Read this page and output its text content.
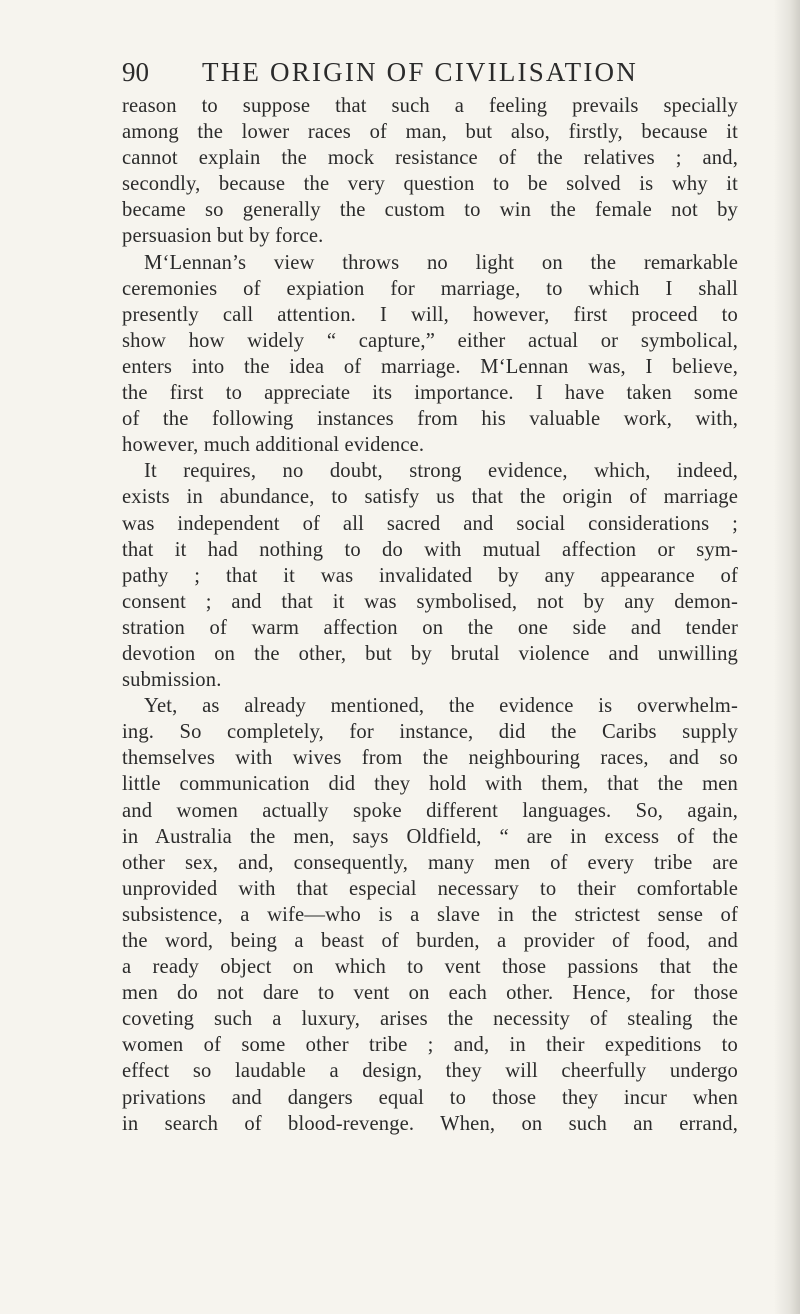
90 THE ORIGIN OF CIVILISATION
reason to suppose that such a feeling prevails specially
among the lower races of man, but also, firstly, because it
cannot explain the mock resistance of the relatives ; and,
secondly, because the very question to be solved is why it
became so generally the custom to win the female not by
persuasion but by force.
M‘Lennan’s view throws no light on the remarkable
ceremonies of expiation for marriage, to which I shall
presently call attention. I will, however, first proceed to
show how widely “ capture,” either actual or symbolical,
enters into the idea of marriage. M‘Lennan was, I believe,
the first to appreciate its importance. I have taken some
of the following instances from his valuable work, with,
however, much additional evidence.
It requires, no doubt, strong evidence, which, indeed,
exists in abundance, to satisfy us that the origin of marriage
was independent of all sacred and social considerations ;
that it had nothing to do with mutual affection or sym-
pathy ; that it was invalidated by any appearance of
consent ; and that it was symbolised, not by any demon-
stration of warm affection on the one side and tender
devotion on the other, but by brutal violence and unwilling
submission.
Yet, as already mentioned, the evidence is overwhelm-
ing. So completely, for instance, did the Caribs supply
themselves with wives from the neighbouring races, and so
little communication did they hold with them, that the men
and women actually spoke different languages. So, again,
in Australia the men, says Oldfield, “ are in excess of the
other sex, and, consequently, many men of every tribe are
unprovided with that especial necessary to their comfortable
subsistence, a wife—who is a slave in the strictest sense of
the word, being a beast of burden, a provider of food, and
a ready object on which to vent those passions that the
men do not dare to vent on each other. Hence, for those
coveting such a luxury, arises the necessity of stealing the
women of some other tribe ; and, in their expeditions to
effect so laudable a design, they will cheerfully undergo
privations and dangers equal to those they incur when
in search of blood-revenge. When, on such an errand,
